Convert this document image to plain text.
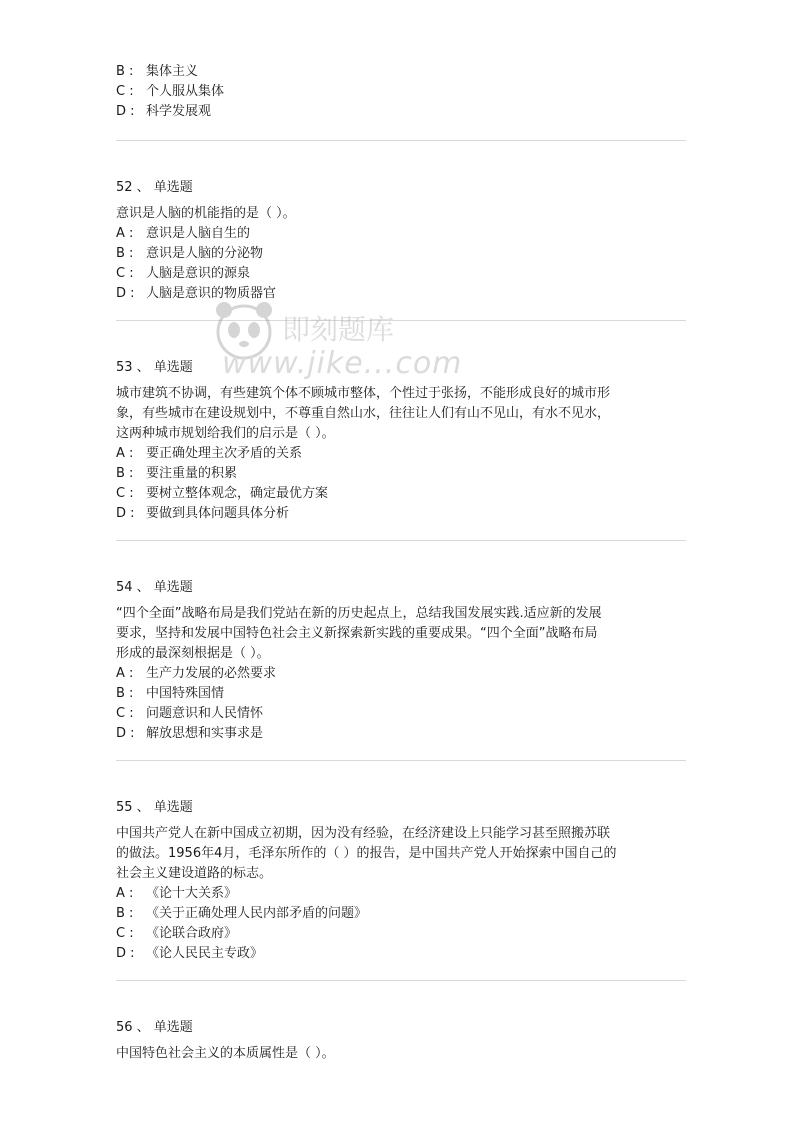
B : 集体主义
C : 个人服从集体
D : 科学发展观
52 、 单选题
意识是人脑的机能指的是（ ）。
A : 意识是人脑自生的
B : 意识是人脑的分泌物
C : 人脑是意识的源泉
D : 人脑是意识的物质器官
53 、 单选题
城市建筑不协调，有些建筑个体不顾城市整体，个性过于张扬，不能形成良好的城市形
象，有些城市在建设规划中，不尊重自然山水，往往让人们有山不见山，有水不见水，
这两种城市规划给我们的启示是（ ）。
A : 要正确处理主次矛盾的关系
B : 要注重量的积累
C : 要树立整体观念，确定最优方案
D : 要做到具体问题具体分析
54 、 单选题
“四个全面”战略布局是我们党站在新的历史起点上，总结我国发展实践.适应新的发展
要求，坚持和发展中国特色社会主义新探索新实践的重要成果。“四个全面”战略布局
形成的最深刻根据是（ ）。
A : 生产力发展的必然要求
B : 中国特殊国情
C : 问题意识和人民情怀
D : 解放思想和实事求是
55 、 单选题
中国共产党人在新中国成立初期，因为没有经验，在经济建设上只能学习甚至照搬苏联
的做法。1956年4月，毛泽东所作的（ ）的报告，是中国共产党人开始探索中国自己的
社会主义建设道路的标志。
A : 《论十大关系》
B : 《关于正确处理人民内部矛盾的问题》
C : 《论联合政府》
D : 《论人民民主专政》
56 、 单选题
中国特色社会主义的本质属性是（ ）。
即刻题库
www.jike...com
